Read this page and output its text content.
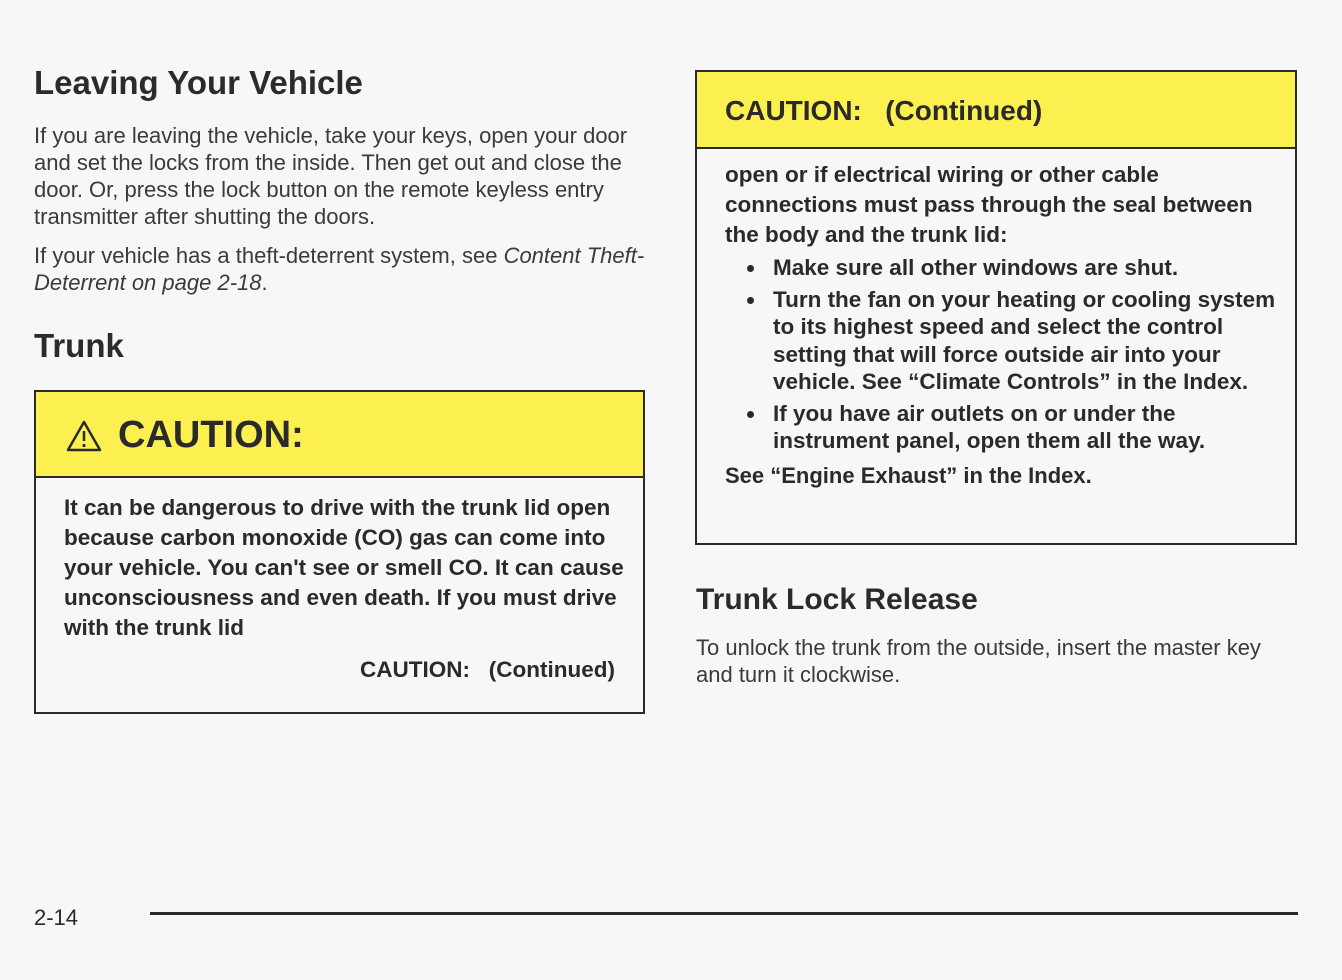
Leaving Your Vehicle

If you are leaving the vehicle, take your keys, open your door and set the locks from the inside. Then get out and close the door. Or, press the lock button on the remote keyless entry transmitter after shutting the doors.

If your vehicle has a theft-deterrent system, see Content Theft-Deterrent on page 2-18.

Trunk
CAUTION:

It can be dangerous to drive with the trunk lid open because carbon monoxide (CO) gas can come into your vehicle. You can't see or smell CO. It can cause unconsciousness and even death. If you must drive with the trunk lid

CAUTION:   (Continued)
CAUTION:   (Continued)

open or if electrical wiring or other cable connections must pass through the seal between the body and the trunk lid:

Make sure all other windows are shut.
Turn the fan on your heating or cooling system to its highest speed and select the control setting that will force outside air into your vehicle. See “Climate Controls” in the Index.
If you have air outlets on or under the instrument panel, open them all the way.

See “Engine Exhaust” in the Index.

Trunk Lock Release

To unlock the trunk from the outside, insert the master key and turn it clockwise.

2-14
